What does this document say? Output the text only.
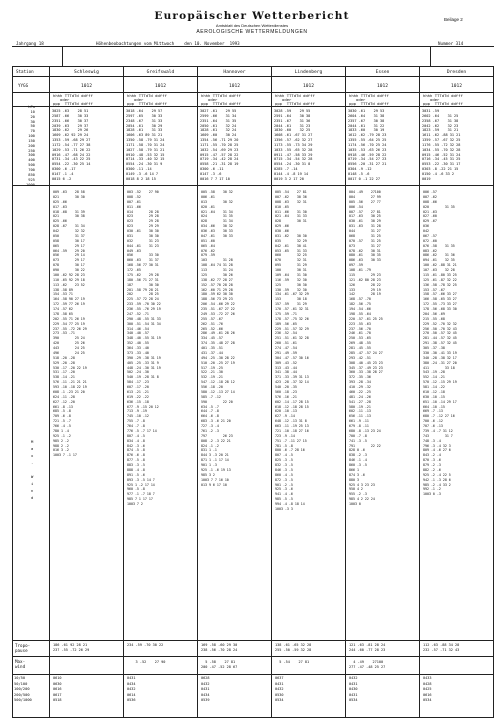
Europäischer Wetterbericht
Amtsblatt des Deutschen Wetterdienstes
AEROLOGISCHE WETTERMELDUNGEN
Beilage 2
Jahrgang 18	Höhenbeobachtungen vom Mittwoch    den 10. November  1993	Nummer 314
Station
YYGG
hPa
10
20
30
50
70
100
150
200
250
300
400
500
700
850
925
1000
M
a
x
.

W
i
n
d
Tropo-
pause
Max-
wind
10/50
50/100
100/200
200/500
500/1000
Schleswig
1012
hhhh TTTdTd ddfff
oder
ppp  TTTdTd ddfff
3025 -63    28 51
2587 -66    30 33
2351 -66    30 37
2039 -63    29 37
1830 -62    29 26
1609 -62 92 29 24
1353 -59 -68 29 27
1172 -54 -77 27 38
1029 -53 -71 26 22
0916 -47 -68 24 22
0731 -34 -43 22 25
0554 -22 -30 25 14
0300 -6 -17
0147 -1 -4
0015 6 -2
009 -63    28 58
021        30 30
025 -66
017 -63
018 -68    31 39
021        30 38
025 -66
028 -67    31 34
042        32 32
050        31 37
058        30 17
065        29 17
064 -59    29 20
056        29 14
073        29 17
078        30 17
090        30 22
100 -62 92 28 23
110 -65 92 29 18
113 -62    23 52
138 -58 89
154 -53 71
164 -58 90 27 19
172 -59 77 26 19
174 -57 62
178 -58 65
202 -55 71 26 19
229 -54 77 25 19
237 -55 -72 26 29
273 -53 -71
390        25 24
420        25 26
443        24 25
496        24 25
518 -20 -28
529 -20 -28
530 -17 -20 22 19
531 -17 -20
538 -14 -21
576 -11 -21 21 21
593 -10 -18 22 19
608 -1 -23 21 20
624 -11 -28
627 -12 -20
661 -8 -13
685 -5 -8
709 -6 -8
721 -5 -7
766 -4 -5
780 1 -4
925 -1 -2
985 2 -2
988 2 -2
016 3 -2
1003 7 -1 17
186 -61 92 28 21
237 -55 -72 26 29
0610
0630
0616
0617
0518
Greifswald
1012
hhhh TTTdTd ddfff
oder
ppp  TTTdTd ddfff
3018 -64    29 57
2597 -65    30 33
2348 -67    31 33
2054 -61    30 29
1828 -61    31 33
1606 -63 89 31 21
1350 -58 -79 31 24
1171 -58 -70 31 24
1027 -58 -79 31 21
0910 -48 -53 32 15
0714 -33 -40 32 15
0554 -24 -30 31 9
0300 -11 -14
0149 -3 -6 14 7
0018 8 2 18 15
003 -52    27 90
008 -52
007 -61
011 -66
014        28 28
023        29 28
023        29 28
023        29 29
030 -61    30 30
031        30 30
032        31 23
044 -61    31 23
049 -63
056        33 30
060 -63    31 37
168 -56 77 30 31
172 -65
175 -62    29 28
180 -56 71 27 31
187        30 30
201 -58 79 28 21
202        28 25
225 -57 72 28 24
233 -59 -70 30 22
236 -55 -76 29 19
247 -52 -71
290 -48 -55 31 33
300 -51 -54 31 34
314 -46 -54
340 -40 -57
348 -40 -55 31 19
352 -40 -55
364 -33 -40
373 -33 -40
390 -29 -38 31 19
405 -25 -33 31 9
448 -24 -30 31 19
502 -24 -30
540 -19 -28 31 8
584 -17 -23
607 -17 -20
613 -21 -21
619 -22 -22
636 -15 -18
677 -9 -15 20 12
713 -9 -19
745 -10 -12
755 -7 -8
764 -7 -8
776 -5 -7 17 14
807 -4 -5
834 -4 -8
842 -3 -6
874 -5 -8
876 -6 -8
877 -5 -8
883 -3 -5
888 -4 -8
891 -5 -6
893 -3 -5 14 7
925 1 -2 17 14
960 -5 -8
977 -1 -7 18 7
985 7 1 17 17
1003 7 2
234 -59 -70 30 22
3 -52    27 90
0431
0434
0432
0614
0536
Hannover
1012
hhhh TTTdTd ddfff
oder
ppp  TTTdTd ddfff
3027 -61    29 55
2599 -66    31 34
2351 -64    31 35
2050 -61    32 24
1828 -61    32 24
1609 -60    30 24
1354 -56 -71 29 20
1171 -55 -70 28 25
1032 -54 -69 29 23
0915 -47 -57 28 22
0719 -34 -42 28 24
0558 -21 -31 28 19
0300 -6 -11
0147 -3 -6
0016 7 7 17 10
005 -58    30 32
006 -61
013        30 32
020 -61
021 -64    31 34
024        31 35
028        31 34
034 -66    30 32
036 -63    30 33
047 -61    30 33
051 -60
065 -64
076 -62
079 -59
103        31 28
108 -64 74 31 28
113        31 24
125        30 26
138 -62 77 28 27
152 -57 70 28 28
162 -60 71 29 28
180 -59 62 30 30
188 -56 73 29 23
206 -54 -66 29 22
235 -51 -67 27 22
249 -53 -72 27 26
255 -57 -67
262 -51 -76
265 -52 -66
286 -49 -61 28 26
334 -45 -57
374 -35 -48 27 28
401 -35 -51
431 -37 -44
494 -25 -30 28 22
510 -20 -25 27 19
517 -19 -25
522 -21 -30
532 -19 -21
547 -12 -18 28 12
556 -18 -20
580 -12 -13 27 14
585 -7 -12
590        22 20
634 -5 -7
644 -7 -8
664 -6 -8
683 -3 -6 21 20
727 -3 -4
761 -2 -3
797        26 23
808 -2 -3 22 21
824 -1 -2
831 1 -1
844 3 -3 20 21
871 1 -1 17 14
901 1 -3
925 -1 -6 19 13
985 3 2
1003 7 7 16 10
013 9 6 17 10
169 -58 -60 29 30
238 -56 -70 28 24
5 -58    27 81
200 -47 -52 28 67
0628
0432
0431
0434
0539
Lindenberg
1012
hhhh TTTdTd ddfff
oder
ppp  TTTdTd ddfff
3028 -59    29 55
2591 -64    30 38
2351 -67    31 36
2044 -61    31 23
1830 -60    32 25
1608 -61 -67 31 27
1356 -57 -62 32 27
1173 -55 -73 34 29
1033 -55 -65 32 28
0911 -47 -58 33 29
0715 -34 -54 32 28
0554 -24 -30 31 8
0285 -7 -14
0144 -4 -8 19 14
0019 3 2 17 20
005 -54    27 81
007 -62    30 36
008 -63    32 31
010 -65
011 -66    31 30
021 -64    31 33
028        30 31
029 -66
030 -66
031 -62    30 30
035        32 29
042 -61    30 41
053 -65    31 33
060        32 25
070        32 31
095        31 29
100        30 31
109 -64    31 30
116 -59    32 30
125        30 30
130 -59    32 30
134 -61 -67 32 29
153        30 18
157 -59    31 29
170 -57 -61 32 31
175 -59 -71
178 -57 -75 32 26
189 -56 -65
229 -51 -57 32 29
236 -52 -54
251 -51 -61 32 28
260 -51 -61
274 -47 -54
291 -49 -59
304 -47 -57 30 16
309 -43 -52
313 -43 -44
341 -38 -44
371 -33 -39 31 13
423 -28 -37 32 14
540 -20 -35
560 -18 -23
576 -16 -21
602 -14 -17 28 15
618 -12 -18 28 15
620 -10 -13
627 -9 -14
648 -12 -13 31 8
663 -11 -19 25 13
721 -10 -18 27 16
723 -9 -14
751 -7 -11 27 15
781 -5 -8
800 -6 -7 28 16
807 -4 -5
825 -3 -5
832 -3 -5
846 -3 -5
860 -4 -5
872 -3 -5
901 -2 -5
925 -3 -6
941 -4 -6
985 -5 -5
994 -4 -8 18 14
1003 -3 3
138 -61 -65 32 28
255 -50 -59 32 28
5 -54    27 81
0637
0431
0432
0530
0534
Essen
1012
hhhh TTTdTd ddfff
oder
ppp  TTTdTd ddfff
3030 -61    29 53
2604 -64    31 38
2357 -67    30 38
2044 -61    31 22
1833 -60    30 19
1612 -62 -79 28 23
1355 -55 -64 25 25
1174 -56 -70 25 24
1035 -53 -63 26 23
0918 -46 -59 28 22
0719 -34 -54 27 23
0556 -20 -31 27 21
0304 -9 -12
0148 -5 -6
0017 0 -1 22 27
004 -49    27100
004        27 99
005 -56    27 77
006 -54
007 -57    27 81
017 -63    30 25
030 -61    30 29
031 -63    31 28
044        31 27
068        31 25
070 -57    31 25
073        31 27
078 -62    30 31
080 -61    30 35
086 -63    30 33
097 -59
108 -61 -79
115        29 23
121 -62 80 28 23
126        28 22
133        29 19
142        28 19
168 -57 -70
182 -56 -75
194 -54 -66
198 -55 -64
220 -57 -61 25 25
223 -55 -63
237 -56 -70
246 -61 -70
250 -53 -65
269 -48 -55
281 -45 -55
285 -47 -57 24 27
293 -42 -51
308 -40 -45 23 23
345 -37 -49 23 23
360 -33 -38 28 27
372 -35 -36
393 -28 -34
410 -29 -32
460 -22 -25
481 -24 -26
541 -27 -28
580 -19 -21
602 -11 -13
656 -11 -13
661 -9 -11
679 -8 -11
680 -8 -13 23 24
700 -7 -8
741 -3 -5
791        22 22
828 0 -6
838 -2 -3
846 -1 -4
860 -3 -5
866 1
874 3 -6
880 3
925 4 3 23 23
950 4 2
955 -2 -3
985 4 2 22 24
1003 0
121 -63 -81 28 24
244 -60 -77 28 23
4 -49    27100
277 -47 -48 25 27
0432
0431
0430
0431
0534
Dresden
1012
hhhh TTTdTd ddfff
oder
ppp  TTTdTd ddfff
3031 -59
2602 -64    31 25
2358 -67    31 38
2042 -62    32 23
1823 -59    31 21
1611 -62 -88 31 21
1359 -57 -67 32 25
1176 -55 -72 32 28
1034 -55 -70 32 28
0915 -46 -52 31 24
0716 -34 -45 31 25
0553 -22 -30 31 17
0303 -8 -22 21 15
0150 -4 -6 33 2
0019
006 -57
007 -62
008 -66
020        31 35
021 -63
027 -60
029 -67
036
042
067 -57
072 -60
076 -58    31 35
083 -62
086 -62    31 36
094 -61    32 35
100 -62 -88 31 21
107 -63    32 28
115 -61 -80 33 25
125 -61 -87 32 22
136 -58 -78 32 25
153 -57 -67
158 -57 -66 33 27
166 -58 -65 33 27
172 -55 -73 33 27
178 -56 -68 33 30
204 -56 -69
215 -55 -68
229 -52 -70 32 32
256 -50 -70 32 43
270 -50 -57 32 45
281 -44 -57 32 45
291 -38 -57 32 45
305 -37 -38
330 -30 -41 33 19
340 -28 -38 32 17
380 -24 -31 27 20
411        33 18
543 -19 -28
552 -14 -21
570 -12 -15 29 19
581 -14 -22
610 -12 -18
630 -10 -15
651 -10 -14 29 17
664 -10 -15
669 -7 -13
680 -7 -12 27 16
700 -6 -12
707 -6 -13
739 -4 -7 31 12
743        31 7
748 -3 -4
796 -3 -4 32 3
809 -4 -6 27 6
843 -2 -4
870 -3 -6
879 -2 -3
882 -2 -6
925 -2 -4 22 5
942 -1 -3 28 6
985 -2 -4 33 2
992 -1 -2
1003 0 -3
112 -63 -88 34 28
232 -57 -71 32 43
0433
0428
0425
0616
0534
